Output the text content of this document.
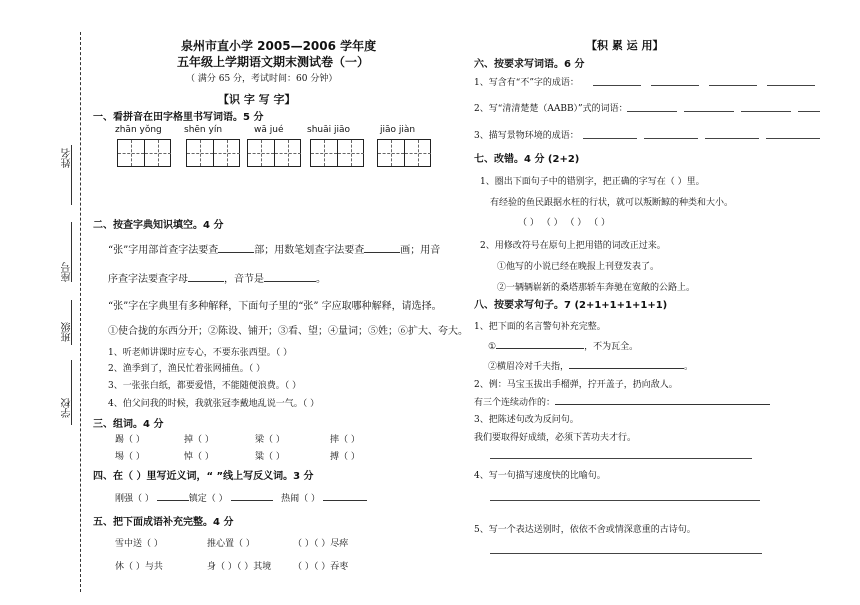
姓名
座号
班级
学校
泉州市直小学 2005—2006 学年度
五年级上学期语文期末测试卷（一）
（ 满分 65 分，考试时间：60 分钟）
【识 字 写 字】
一、看拼音在田字格里书写词语。5 分
zhān yǒng shēn yín	wā jué	shuāi jiāo	jiāo jiàn
二、按查字典知识填空。4 分
“张”字用部首查字法要查	部；用数笔划查字法要查	画；用音
序查字法要查字母	，音节是	。
“张”字在字典里有多种解释，下面句子里的“张” 字应取哪种解释，请选择。
①使合拢的东西分开；②陈设、铺开；③看、望；④量词；⑤姓；⑥扩大、夸大。
1、听老师讲课时应专心，不要东张西望。（ ）
2、渔季到了，渔民忙着张网捕鱼。（ ）
3、一张张白纸，都要爱惜，不能随便浪费。（ ）
4、伯父问我的时候，我就张冠李戴地乱说一气。（ ）
三、组词。4 分
踢（ ）	掉（ ）	梁（ ）	摔（ ）
埸（ ）	悼（ ）	粱（ ）	搏（ ）
四、在（ ）里写近义词，“ ”线上写反义词。3 分
刚强（ ）	镇定（ ）	热闹（ ）
五、把下面成语补充完整。4 分
雪中送（ ）	推心置（ ）	（ ）（ ）尽瘁
休（ ）与共	身（ ）（ ）其境 （ ）（ ）吞枣
【积 累 运 用】
六、按要求写词语。6 分
1、写含有“不”字的成语：
2、写“清清楚楚（AABB）”式的词语：
3、描写景物环境的成语：
七、改错。4 分 (2+2)
1、圈出下面句子中的错别字，把正确的字写在（ ）里。
有经验的鱼民跟据水枉的行状，就可以叛断鲸的种类和大小。
（ ） （ ） （ ） （ ）
2、用修改符号在原句上把用错的词改正过来。
①他写的小说已经在晚报上刊登发表了。
②一辆辆崭新的桑塔那轿车奔驰在宽敞的公路上。
八、按要求写句子。7 (2+1+1+1+1+1)
1、把下面的名言警句补充完整。
①	，不为瓦全。
②横眉冷对千夫指，	。
2、例：马宝玉拔出手榴弹，拧开盖子，扔向敌人。
有三个连续动作的：
3、把陈述句改为反问句。
我们要取得好成绩，必须下苦功夫才行。
4、写一句描写速度快的比喻句。
5、写一个表达送别时，依依不舍或情深意重的古诗句。
